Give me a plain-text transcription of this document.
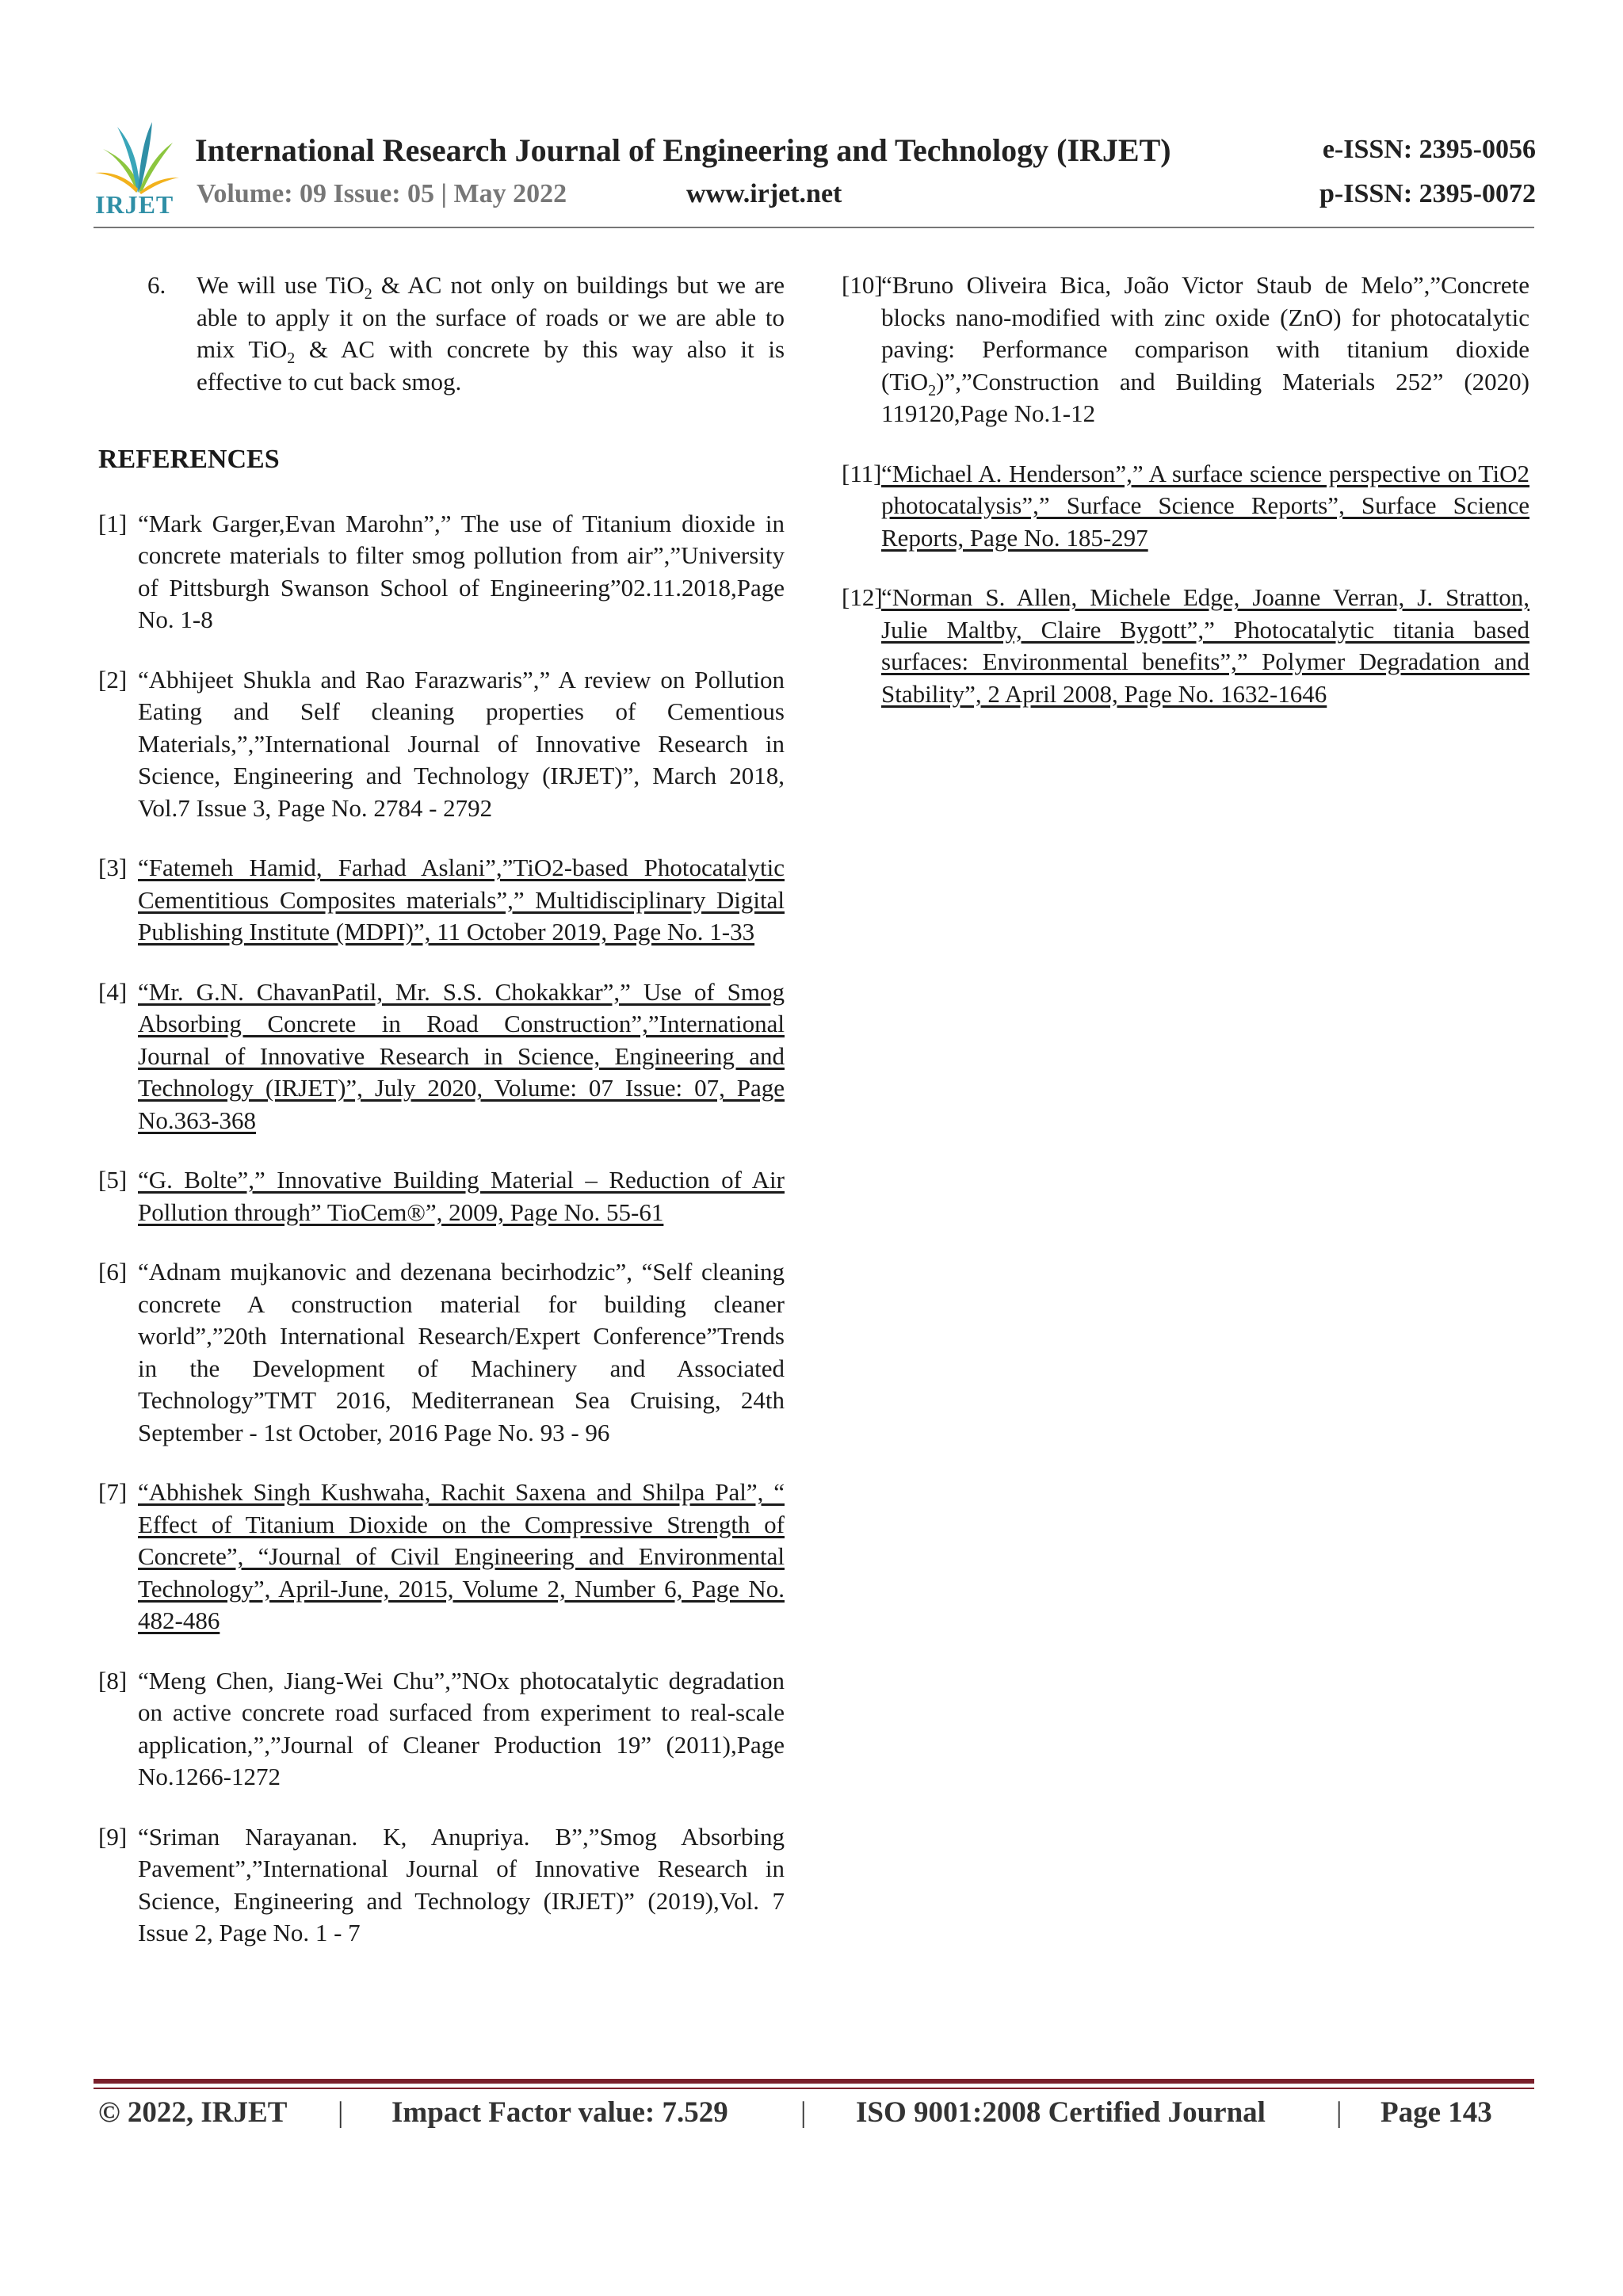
IRJET
International Research Journal of Engineering and Technology (IRJET)	e-ISSN: 2395-0056
Volume: 09 Issue: 05 | May 2022	www.irjet.net	p-ISSN: 2395-0072
6. We will use TiO$_2$ & AC not only on buildings but we are able to apply it on the surface of roads or we are able to mix TiO$_2$ & AC with concrete by this way also it is effective to cut back smog.
REFERENCES
[1] “Mark Garger,Evan Marohn”,” The use of Titanium dioxide in concrete materials to filter smog pollution from air”,”University of Pittsburgh Swanson School of Engineering”02.11.2018,Page No. 1-8
[2] “Abhijeet Shukla and Rao Farazwaris”,” A review on Pollution Eating and Self cleaning properties of Cementious Materials,”,”International Journal of Innovative Research in Science, Engineering and Technology (IRJET)”, March 2018, Vol.7 Issue 3, Page No. 2784 - 2792
[3] “Fatemeh Hamid, Farhad Aslani”,”TiO2-based Photocatalytic Cementitious Composites materials”,” Multidisciplinary Digital Publishing Institute (MDPI)”, 11 October 2019, Page No. 1-33
[4] “Mr. G.N. ChavanPatil, Mr. S.S. Chokakkar”,” Use of Smog Absorbing Concrete in Road Construction”,”International Journal of Innovative Research in Science, Engineering and Technology (IRJET)”, July 2020, Volume: 07 Issue: 07, Page No.363-368
[5] “G. Bolte”,” Innovative Building Material – Reduction of Air Pollution through” TioCem®”, 2009, Page No. 55-61
[6] “Adnam mujkanovic and dezenana becirhodzic”, “Self cleaning concrete A construction material for building cleaner world”,”20th International Research/Expert Conference”Trends in the Development of Machinery and Associated Technology”TMT 2016, Mediterranean Sea Cruising, 24th September - 1st October, 2016 Page No. 93 - 96
[7] “Abhishek Singh Kushwaha, Rachit Saxena and Shilpa Pal”, “ Effect of Titanium Dioxide on the Compressive Strength of Concrete”, “Journal of Civil Engineering and Environmental Technology”, April-June, 2015, Volume 2, Number 6, Page No. 482-486
[8] “Meng Chen, Jiang-Wei Chu”,”NOx photocatalytic degradation on active concrete road surfaced from experiment to real-scale application,”,”Journal of Cleaner Production 19” (2011),Page No.1266-1272
[9] “Sriman Narayanan. K, Anupriya. B”,”Smog Absorbing Pavement”,”International Journal of Innovative Research in Science, Engineering and Technology (IRJET)” (2019),Vol. 7 Issue 2, Page No. 1 - 7
[10]
“Bruno Oliveira Bica, João Victor Staub de Melo”,”Concrete blocks nano-modified with zinc oxide (ZnO) for photocatalytic paving: Performance comparison with titanium dioxide (TiO$_2$)”,”Construction and Building Materials 252” (2020) 119120,Page No.1-12
[11] “Michael A. Henderson”,” A surface science perspective on TiO2 photocatalysis”,” Surface Science Reports”, Surface Science Reports, Page No. 185-297
[12]
“Norman S. Allen, Michele Edge, Joanne Verran, J. Stratton, Julie Maltby, Claire Bygott”,” Photocatalytic titania based surfaces: Environmental benefits”,” Polymer Degradation and Stability”, 2 April 2008, Page No. 1632-1646
© 2022, IRJET | Impact Factor value: 7.529 | ISO 9001:2008 Certified Journal | Page 143
